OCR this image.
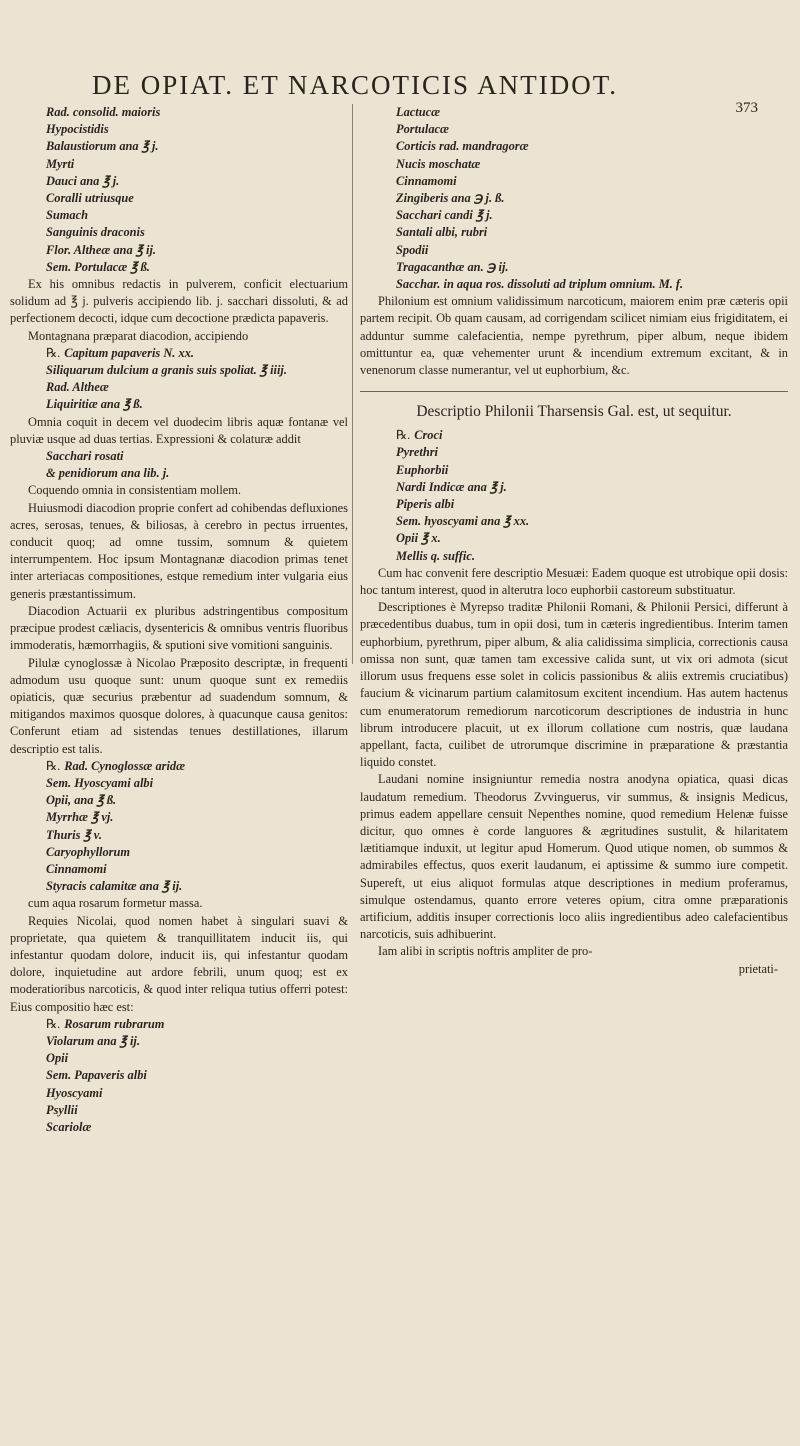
DE OPIAT. ET NARCOTICIS ANTIDOT.
373
Rad. consolid. maioris
Hypocistidis
Balaustiorum ana ℥ j.
Myrti
Dauci ana ℥ j.
Coralli utriusque
Sumach
Sanguinis draconis
Flor. Altheæ ana ℥ ij.
Sem. Portulacæ ℥ ß.
Ex his omnibus redactis in pulverem, conficit electuarium solidum ad ℥ j. pulveris accipiendo lib. j. sacchari dissoluti, & ad perfectionem decocti, idque cum decoctione prædicta papaveris.
Montagnana præparat diacodion, accipiendo
℞. Capitum papaveris N. xx.
Siliquarum dulcium a granis suis spoliat. ℥ iiij.
Rad. Altheæ
Liquiritiæ ana ℥ ß.
Omnia coquit in decem vel duodecim libris aquæ fontanæ vel pluviæ usque ad duas tertias. Expressioni & colaturæ addit
Sacchari rosati
& penidiorum ana lib. j.
Coquendo omnia in consistentiam mollem.
Huiusmodi diacodion proprie confert ad cohibendas defluxiones acres, serosas, tenues, & biliosas, à cerebro in pectus irruentes, conducit quoq; ad omne tussim, somnum & quietem interrumpentem. Hoc ipsum Montagnanæ diacodion primas tenet inter arteriacas compositiones, estque remedium inter vulgaria eius generis præstantissimum.
Diacodion Actuarii ex pluribus adstringentibus compositum præcipue prodest cæliacis, dysentericis & omnibus ventris fluoribus immoderatis, hæmorrhagiis, & sputioni sive vomitioni sanguinis.
Pilulæ cynoglossæ à Nicolao Præposito descriptæ, in frequenti admodum usu quoque sunt: unum quoque sunt ex remediis opiaticis, quæ securius præbentur ad suadendum somnum, & mitigandos maximos quosque dolores, à quacunque causa genitos: Conferunt etiam ad sistendas tenues destillationes, illarum descriptio est talis.
℞. Rad. Cynoglossæ aridæ
Sem. Hyoscyami albi
Opii, ana ℥ ß.
Myrrhæ ℥ vj.
Thuris ℥ v.
Caryophyllorum
Cinnamomi
Styracis calamitæ ana ℥ ij.
cum aqua rosarum formetur massa.
Requies Nicolai, quod nomen habet à singulari suavi & proprietate, qua quietem & tranquillitatem inducit iis, qui infestantur quodam dolore, inducit iis, qui infestantur quodam dolore, inquietudine aut ardore febrili, unum quoq; est ex moderatioribus narcoticis, & quod inter reliqua tutius offerri potest: Eius compositio hæc est:
℞. Rosarum rubrarum
Violarum ana ℥ ij.
Opii
Sem. Papaveris albi
Hyoscyami
Psyllii
Scariolæ
Lactucæ
Portulacæ
Corticis rad. mandragoræ
Nucis moschatæ
Cinnamomi
Zingiberis ana ℈ j. ß.
Sacchari candi ℥ j.
Santali albi, rubri
Spodii
Tragacanthæ an. ℈ ij.
Sacchar. in aqua ros. dissoluti ad triplum omnium. M. f.
Philonium est omnium validissimum narcoticum, maiorem enim præ cæteris opii partem recipit. Ob quam causam, ad corrigendam scilicet nimiam eius frigiditatem, ei adduntur summe calefacientia, nempe pyrethrum, piper album, neque ibidem omittuntur ea, quæ vehementer urunt & incendium extremum excitant, & in venenorum classe numerantur, vel ut euphorbium, &c.
Descriptio Philonii Tharsensis Gal. est, ut sequitur.
℞. Croci
Pyrethri
Euphorbii
Nardi Indicæ ana ℥ j.
Piperis albi
Sem. hyoscyami ana ℥ xx.
Opii ℥ x.
Mellis q. suffic.
Cum hac convenit fere descriptio Mesuæi: Eadem quoque est utrobique opii dosis: hoc tantum interest, quod in alterutra loco euphorbii castoreum substituatur.
Descriptiones è Myrepso traditæ Philonii Romani, & Philonii Persici, differunt à præcedentibus duabus, tum in opii dosi, tum in cæteris ingredientibus. Interim tamen euphorbium, pyrethrum, piper album, & alia calidissima simplicia, correctionis causa omissa non sunt, quæ tamen tam excessive calida sunt, ut vix ori admota (sicut illorum usus frequens esse solet in colicis passionibus & aliis extremis cruciatibus) faucium & vicinarum partium calamitosum excitent incendium. Has autem hactenus cum enumeratorum remediorum narcoticorum descriptiones de industria in hunc librum introducere placuit, ut ex illorum collatione cum nostris, quæ laudana appellant, facta, cuilibet de utrorumque discrimine in præparatione & præstantia liquido constet.
Laudani nomine insigniuntur remedia nostra anodyna opiatica, quasi dicas laudatum remedium. Theodorus Zvvinguerus, vir summus, & insignis Medicus, primus eadem appellare censuit Nepenthes nomine, quod remedium Helenæ fuisse dicitur, quo omnes è corde languores & ægritudines sustulit, & hilaritatem lætitiamque induxit, ut legitur apud Homerum. Quod utique nomen, ob summos & admirabiles effectus, quos exerit laudanum, ei aptissime & summo iure competit. Supereft, ut eius aliquot formulas atque descriptiones in medium proferamus, simulque ostendamus, quanto errore veteres opium, citra omne præparationis artificium, additis insuper correctionis loco aliis ingredientibus adeo calefacientibus narcoticis, suis adhibuerint.
Iam alibi in scriptis noftris ampliter de pro-
prietati-
